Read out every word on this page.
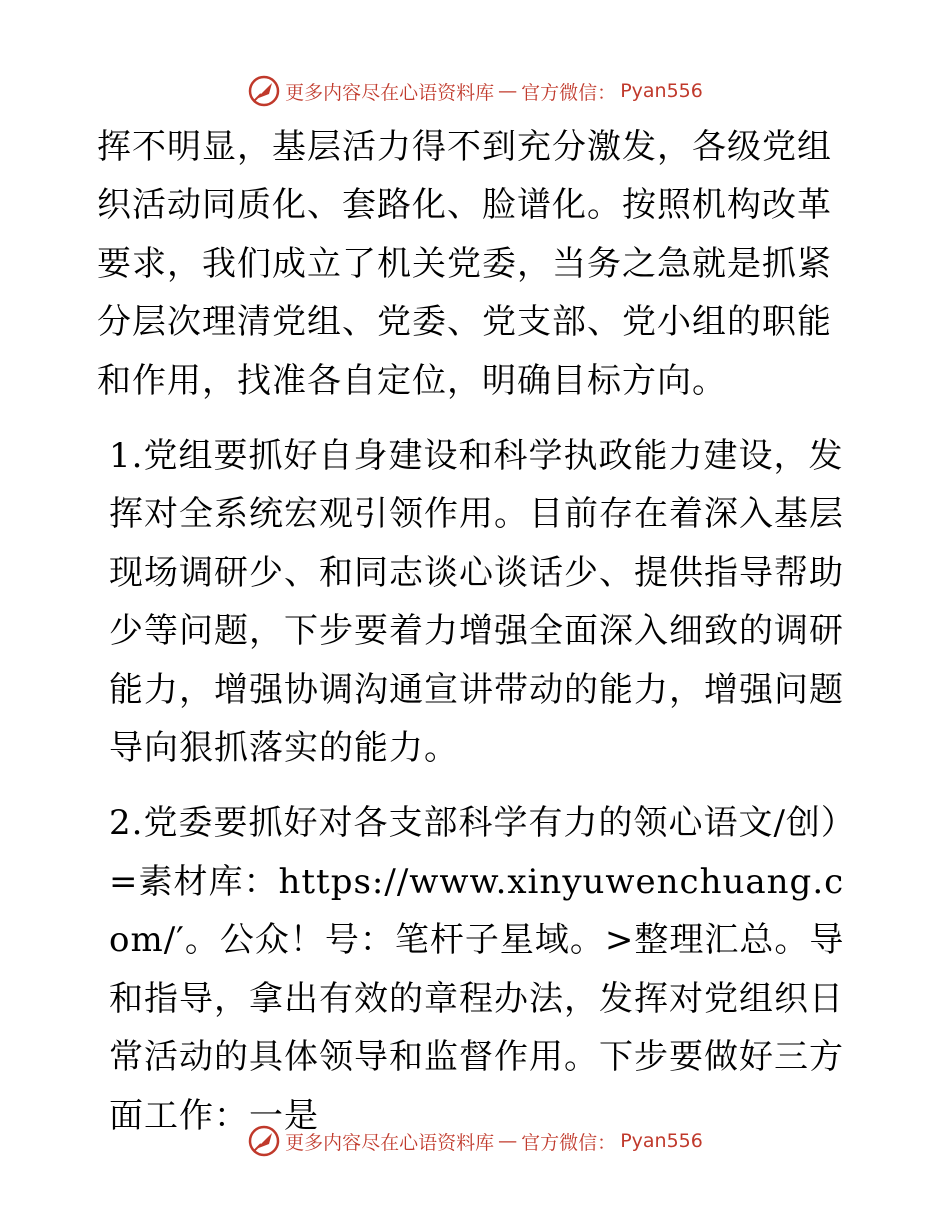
更多内容尽在心语资料库 — 官方微信： Pyan556

挥不明显，基层活力得不到充分激发，各级党组织活动同质化、套路化、脸谱化。按照机构改革要求，我们成立了机关党委，当务之急就是抓紧分层次理清党组、党委、党支部、党小组的职能和作用，找准各自定位，明确目标方向。

1.党组要抓好自身建设和科学执政能力建设，发挥对全系统宏观引领作用。目前存在着深入基层现场调研少、和同志谈心谈话少、提供指导帮助少等问题，下步要着力增强全面深入细致的调研能力，增强协调沟通宣讲带动的能力，增强问题导向狠抓落实的能力。

2.党委要抓好对各支部科学有力的领心语文/创）=素材库：https://www.xinyuwenchuang.com/′。公众！号：笔杆子星域。>整理汇总。导和指导，拿出有效的章程办法，发挥对党组织日常活动的具体领导和监督作用。下步要做好三方面工作：一是

更多内容尽在心语资料库 — 官方微信： Pyan556
